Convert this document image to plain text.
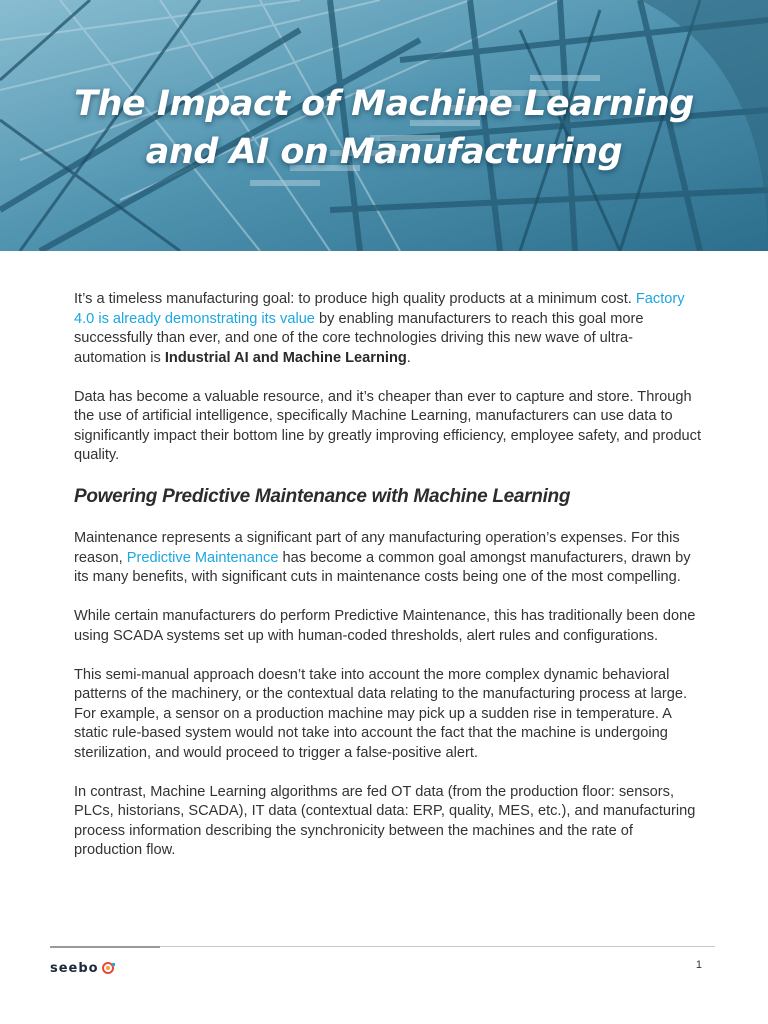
The Impact of Machine Learning
and AI on Manufacturing

It’s a timeless manufacturing goal: to produce high quality products at a minimum cost. Factory 4.0 is already demonstrating its value by enabling manufacturers to reach this goal more successfully than ever, and one of the core technologies driving this new wave of ultra-automation is Industrial AI and Machine Learning.

Data has become a valuable resource, and it’s cheaper than ever to capture and store. Through the use of artificial intelligence, specifically Machine Learning, manufacturers can use data to significantly impact their bottom line by greatly improving efficiency, employee safety, and product quality.

Powering Predictive Maintenance with Machine Learning

Maintenance represents a significant part of any manufacturing operation’s expenses. For this reason, Predictive Maintenance has become a common goal amongst manufacturers, drawn by its many benefits, with significant cuts in maintenance costs being one of the most compelling.

While certain manufacturers do perform Predictive Maintenance, this has traditionally been done using SCADA systems set up with human-coded thresholds, alert rules and configurations.

This semi-manual approach doesn’t take into account the more complex dynamic behavioral patterns of the machinery, or the contextual data relating to the manufacturing process at large. For example, a sensor on a production machine may pick up a sudden rise in temperature. A static rule-based system would not take into account the fact that the machine is undergoing sterilization, and would proceed to trigger a false-positive alert.

In contrast, Machine Learning algorithms are fed OT data (from the production floor: sensors, PLCs, historians, SCADA), IT data (contextual data: ERP, quality, MES, etc.), and manufacturing process information describing the synchronicity between the machines and the rate of production flow.

seebo	1
